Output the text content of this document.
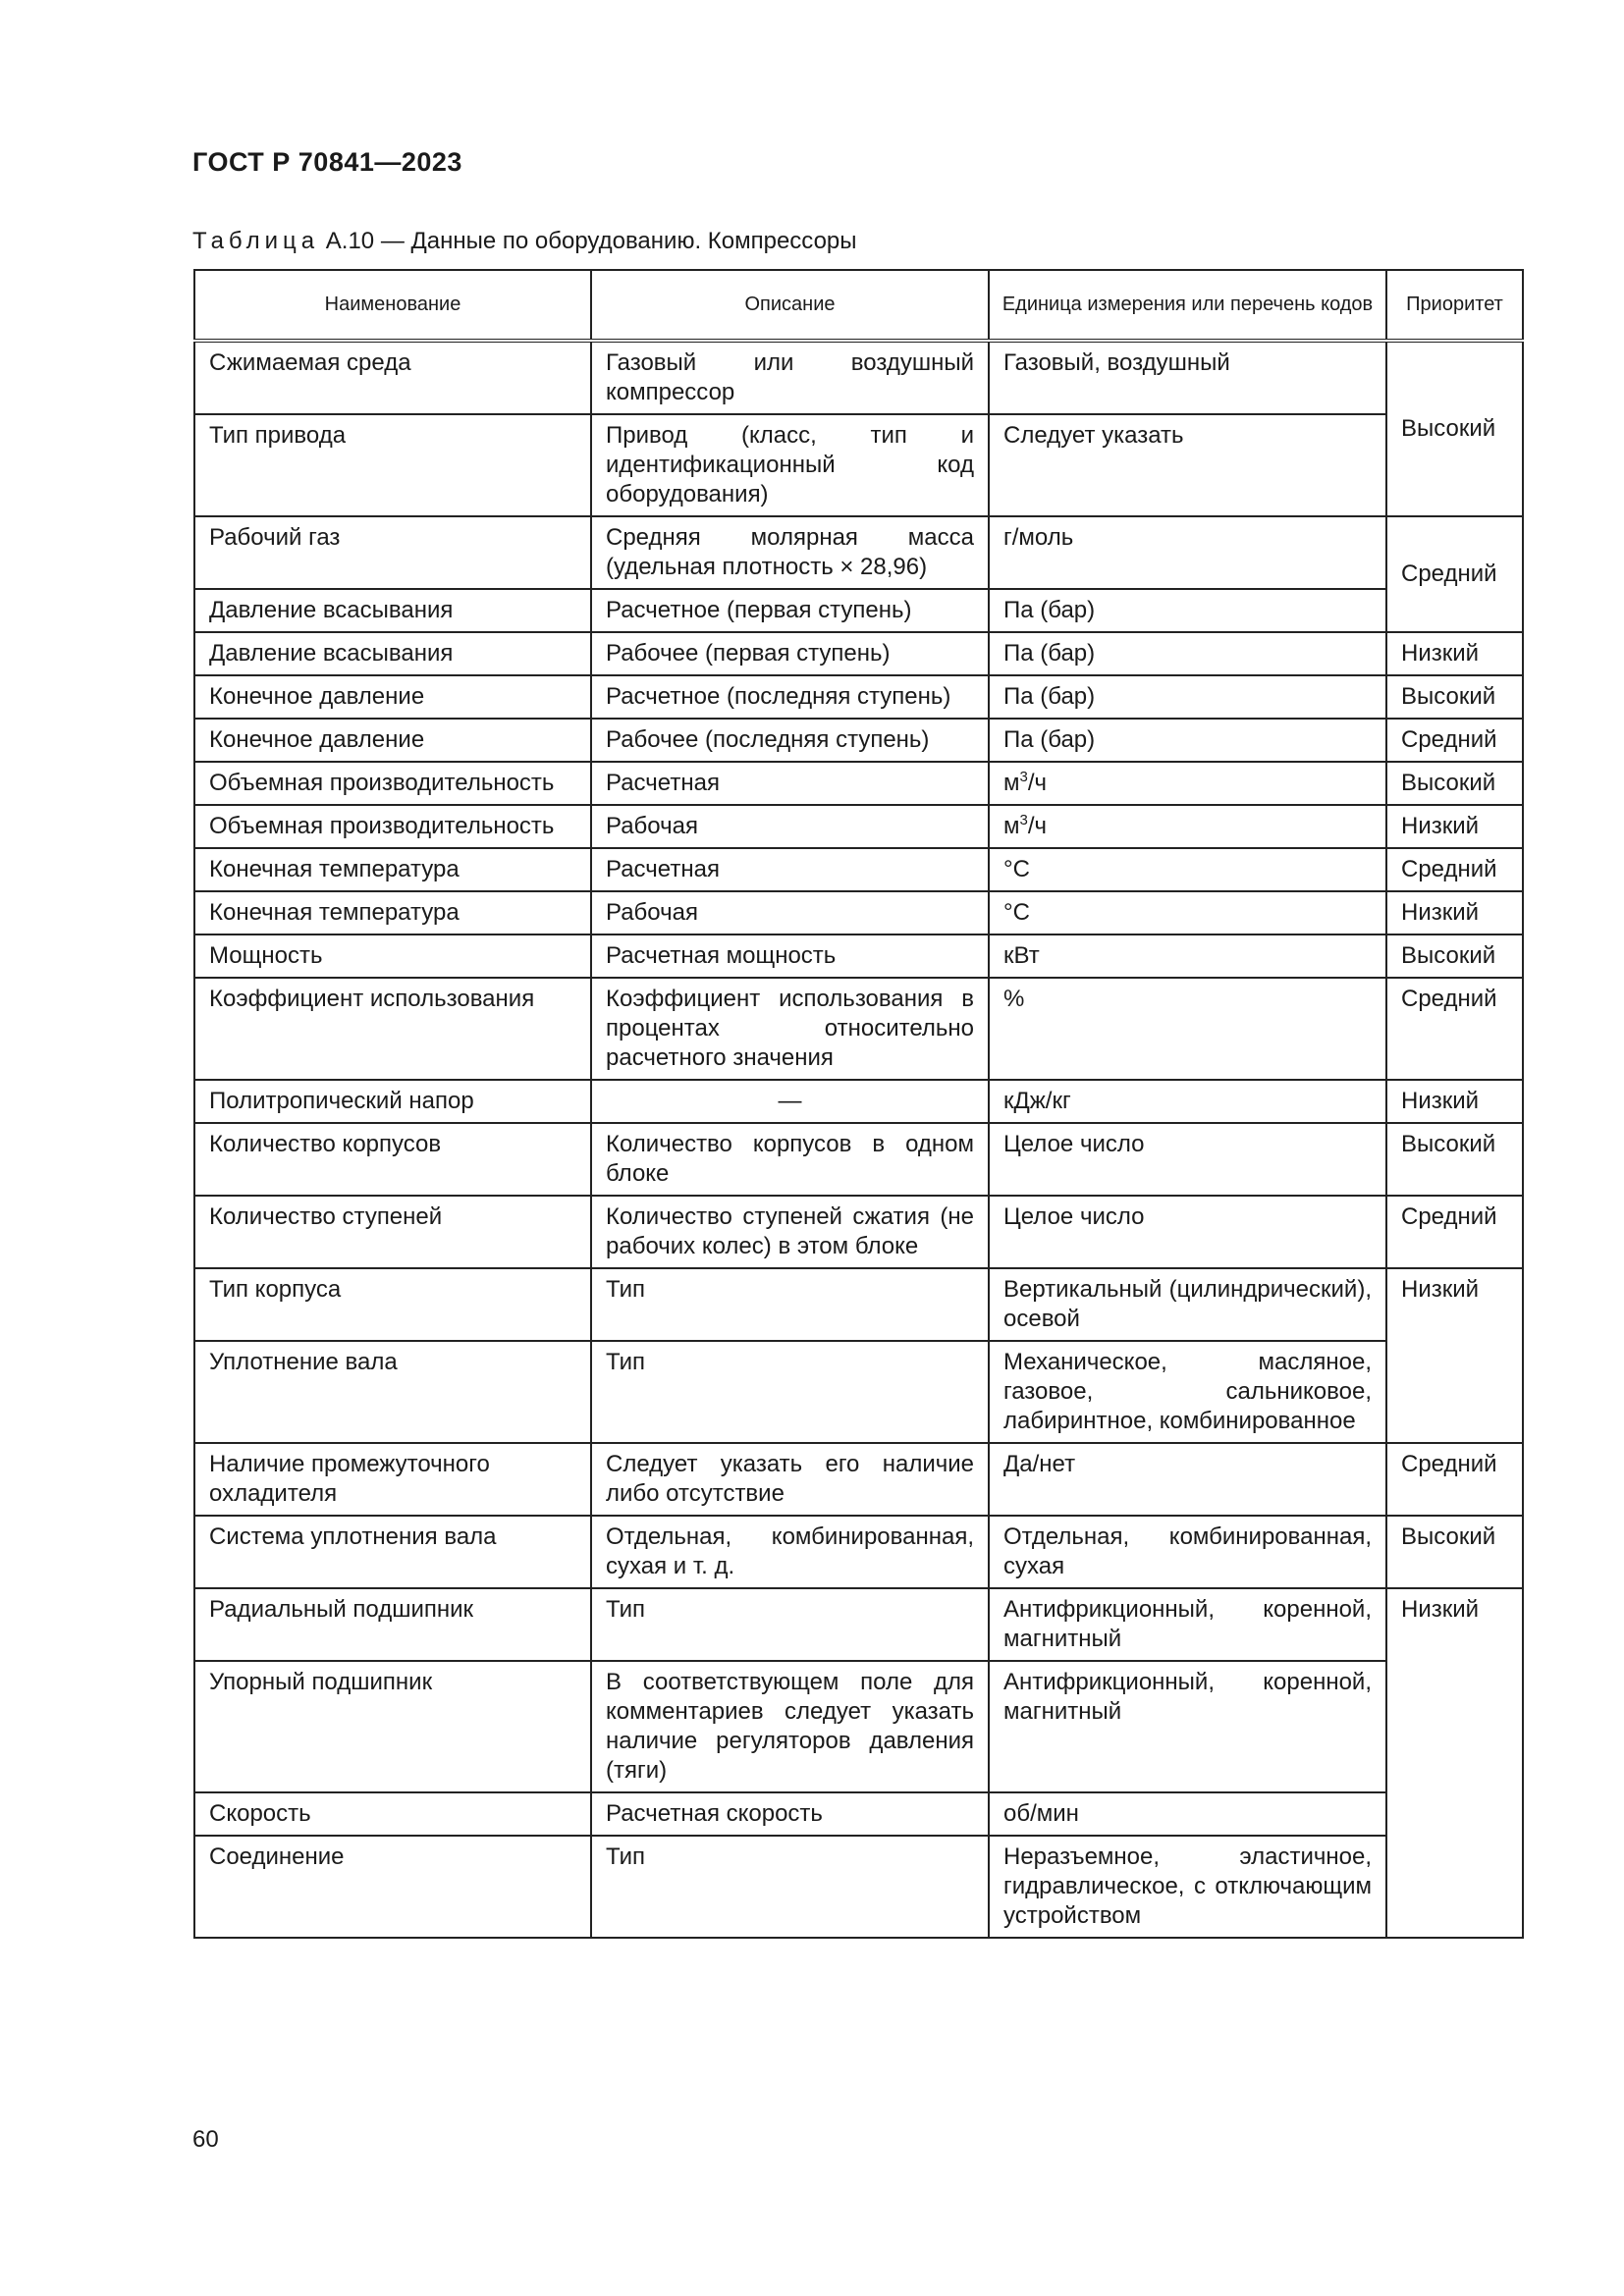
ГОСТ Р 70841—2023
Таблица А.10 — Данные по оборудованию. Компрессоры
Наименование	Описание	Единица измерения или перечень кодов	Приоритет
Сжимаемая среда	Газовый или воздушный компрессор	Газовый, воздушный	Высокий
Тип привода	Привод (класс, тип и идентификационный код оборудования)	Следует указать	
Рабочий газ	Средняя молярная масса (удельная плотность × 28,96)	г/моль	Средний
Давление всасывания	Расчетное (первая ступень)	Па (бар)	
Давление всасывания	Рабочее (первая ступень)	Па (бар)	Низкий
Конечное давление	Расчетное (последняя ступень)	Па (бар)	Высокий
Конечное давление	Рабочее (последняя ступень)	Па (бар)	Средний
Объемная производительность	Расчетная	$м^3/ч$	Высокий
Объемная производительность	Рабочая	$м^3/ч$	Низкий
Конечная температура	Расчетная	°С	Средний
Конечная температура	Рабочая	°С	Низкий
Мощность	Расчетная мощность	кВт	Высокий
Коэффициент использования	Коэффициент использования в процентах относительно расчетного значения	%	Средний
Политропический напор	—	кДж/кг	Низкий
Количество корпусов	Количество корпусов в одном блоке	Целое число	Высокий
Количество ступеней	Количество ступеней сжатия (не рабочих колес) в этом блоке	Целое число	Средний
Тип корпуса	Тип	Вертикальный (цилиндрический), осевой	Низкий
Уплотнение вала	Тип	Механическое, масляное, газовое, сальниковое, лабиринтное, комбинированное	
Наличие промежуточного охладителя	Следует указать его наличие либо отсутствие	Да/нет	Средний
Система уплотнения вала	Отдельная, комбинированная, сухая и т. д.	Отдельная, комбинированная, сухая	Высокий
Радиальный подшипник	Тип	Антифрикционный, коренной, магнитный	Низкий
Упорный подшипник	В соответствующем поле для комментариев следует указать наличие регуляторов давления (тяги)	Антифрикционный, коренной, магнитный	
Скорость	Расчетная скорость	об/мин	
Соединение	Тип	Неразъемное, эластичное, гидравлическое, с отключающим устройством	
60
